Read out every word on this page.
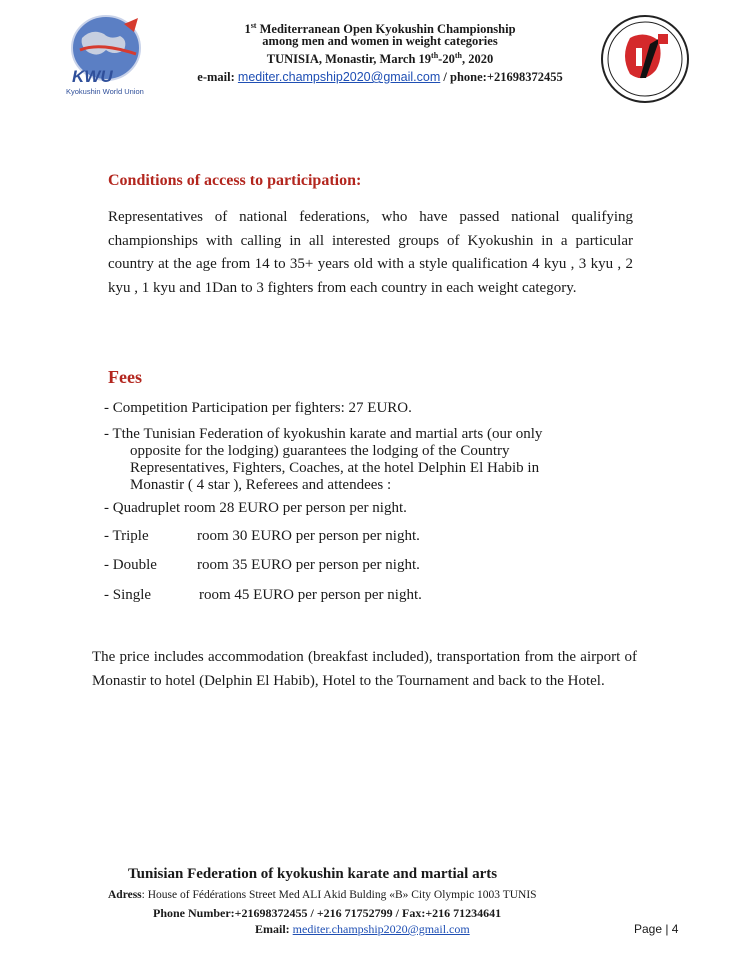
KWU
Kyokushin World Union
1st Mediterranean Open Kyokushin Championship
among men and women in weight categories
TUNISIA, Monastir, March 19th-20th, 2020
e-mail: mediter.champship2020@gmail.com / phone:+21698372455
Conditions of access to participation:
Representatives of national federations, who have passed national qualifying championships with calling in all interested groups of Kyokushin in a particular country at the age from 14 to 35+ years old with a style qualification 4 kyu , 3 kyu , 2 kyu , 1 kyu and 1Dan to 3 fighters from each country in each weight category.
Fees
- Competition Participation per fighters: 27 EURO.
- Tthe Tunisian Federation of kyokushin karate and martial arts (our only
opposite for the lodging) guarantees the lodging of the Country
Representatives, Fighters, Coaches, at the hotel Delphin El Habib in
Monastir ( 4 star ), Referees and attendees :
- Quadruplet room 28 EURO per person per night.
- Triple	room 30 EURO per person per night.
- Double	room 35 EURO per person per night.
- Single	room 45 EURO per person per night.
The price includes accommodation (breakfast included), transportation from the airport of Monastir to hotel (Delphin El Habib), Hotel to the Tournament and back to the Hotel.
Tunisian Federation of kyokushin karate and martial arts
Adress: House of Fédérations Street Med ALI Akid Bulding «B» City Olympic 1003 TUNIS
Phone Number:+21698372455 / +216 71752799 / Fax:+216 71234641
Email: mediter.champship2020@gmail.com	Page | 4
